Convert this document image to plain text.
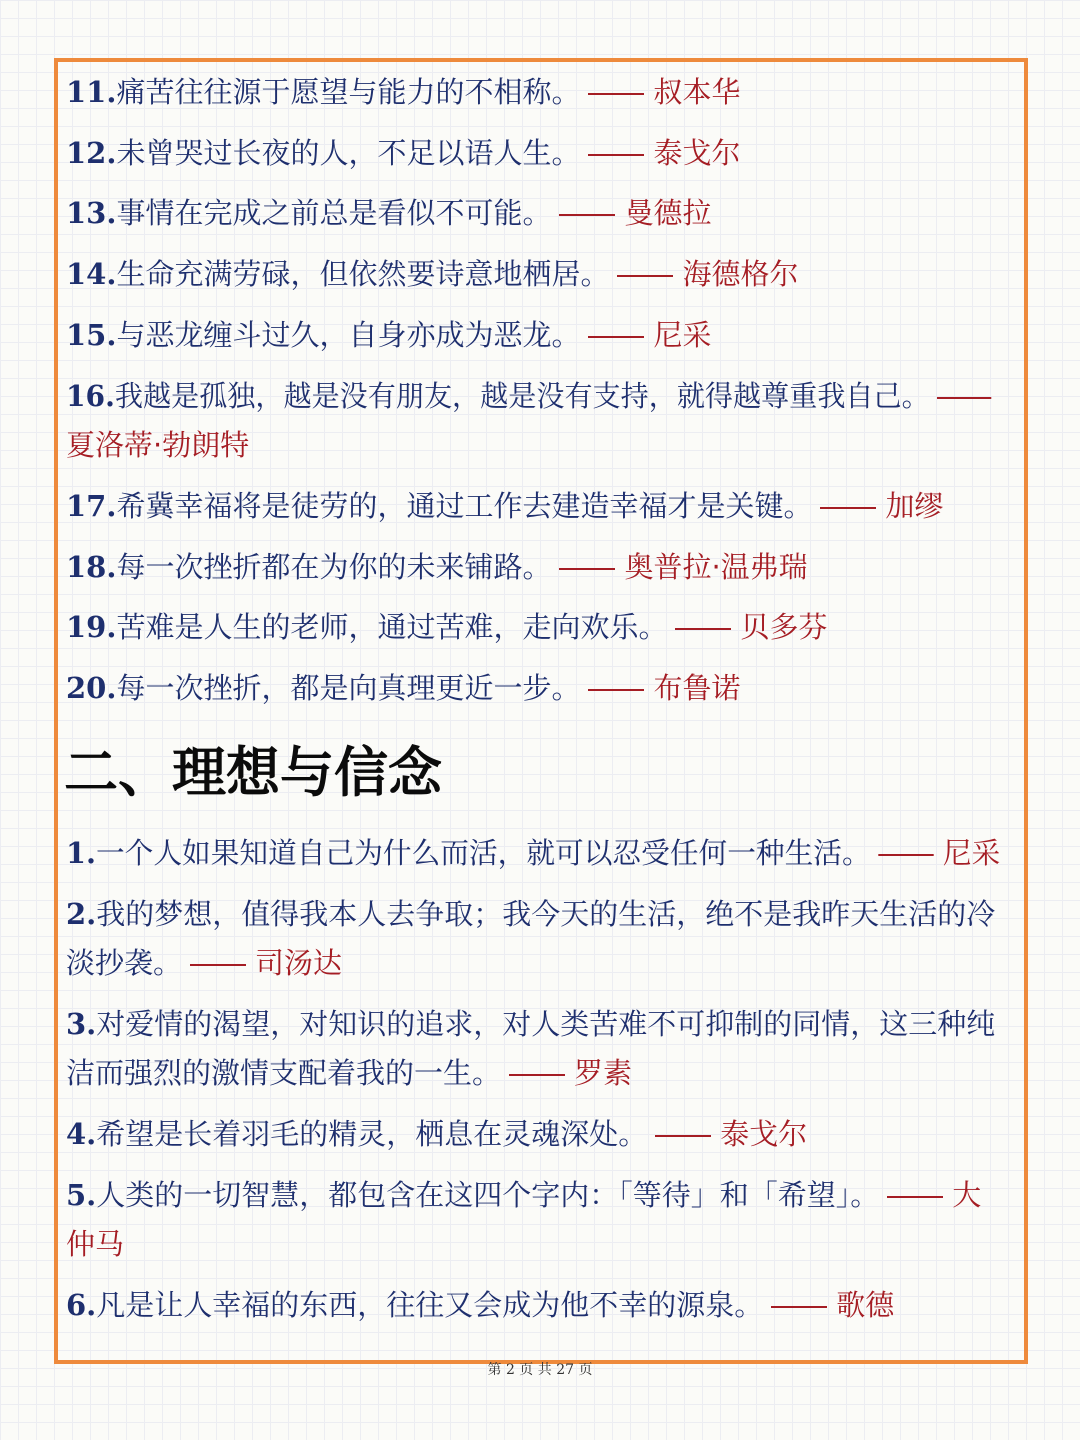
11.痛苦往往源于愿望与能力的不相称。	叔本华
12.未曾哭过长夜的人，不足以语人生。	泰戈尔
13.事情在完成之前总是看似不可能。	曼德拉
14.生命充满劳碌，但依然要诗意地栖居。	海德格尔
15.与恶龙缠斗过久，自身亦成为恶龙。	尼采
16.我越是孤独，越是没有朋友，越是没有支持，就得越尊重我自己。
夏洛蒂·勃朗特
17.希冀幸福将是徒劳的，通过工作去建造幸福才是关键。	加缪
18.每一次挫折都在为你的未来铺路。	奥普拉·温弗瑞
19.苦难是人生的老师，通过苦难，走向欢乐。	贝多芬
20.每一次挫折，都是向真理更近一步。	布鲁诺
二、理想与信念
1.一个人如果知道自己为什么而活，就可以忍受任何一种生活。 尼采
2.我的梦想，值得我本人去争取；我今天的生活，绝不是我昨天生活的冷
淡抄袭。	司汤达
3.对爱情的渴望，对知识的追求，对人类苦难不可抑制的同情，这三种纯
洁而强烈的激情支配着我的一生。	罗素
4.希望是长着羽毛的精灵，栖息在灵魂深处。	泰戈尔
5.人类的一切智慧，都包含在这四个字内：「等待」和「希望」。	大
仲马
6.凡是让人幸福的东西，往往又会成为他不幸的源泉。	歌德
第 2 页 共 27 页
